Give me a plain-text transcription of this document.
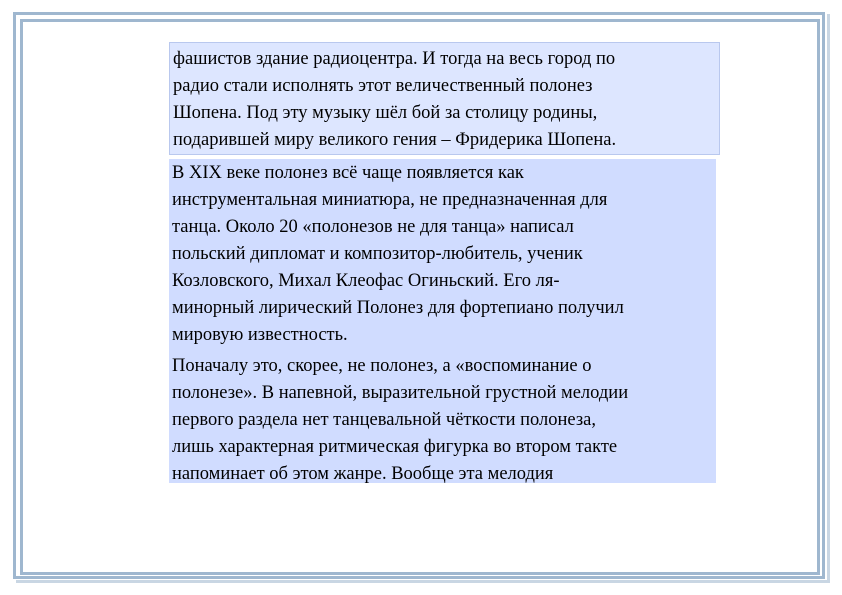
фашистов здание радиоцентра. И тогда на весь город по
радио стали исполнять этот величественный полонез
Шопена. Под эту музыку шёл бой за столицу родины,
подарившей миру великого гения – Фридерика Шопена.

В XIX веке полонез всё чаще появляется как
инструментальная миниатюра, не предназначенная для
танца. Около 20 «полонезов не для танца» написал
польский дипломат и композитор-любитель, ученик
Козловского, Михал Клеофас Огиньский. Его ля-
минорный лирический Полонез для фортепиано получил
мировую известность.

Поначалу это, скорее, не полонез, а «воспоминание о
полонезе». В напевной, выразительной грустной мелодии
первого раздела нет танцевальной чёткости полонеза,
лишь характерная ритмическая фигурка во втором такте
напоминает об этом жанре. Вообще эта мелодия
